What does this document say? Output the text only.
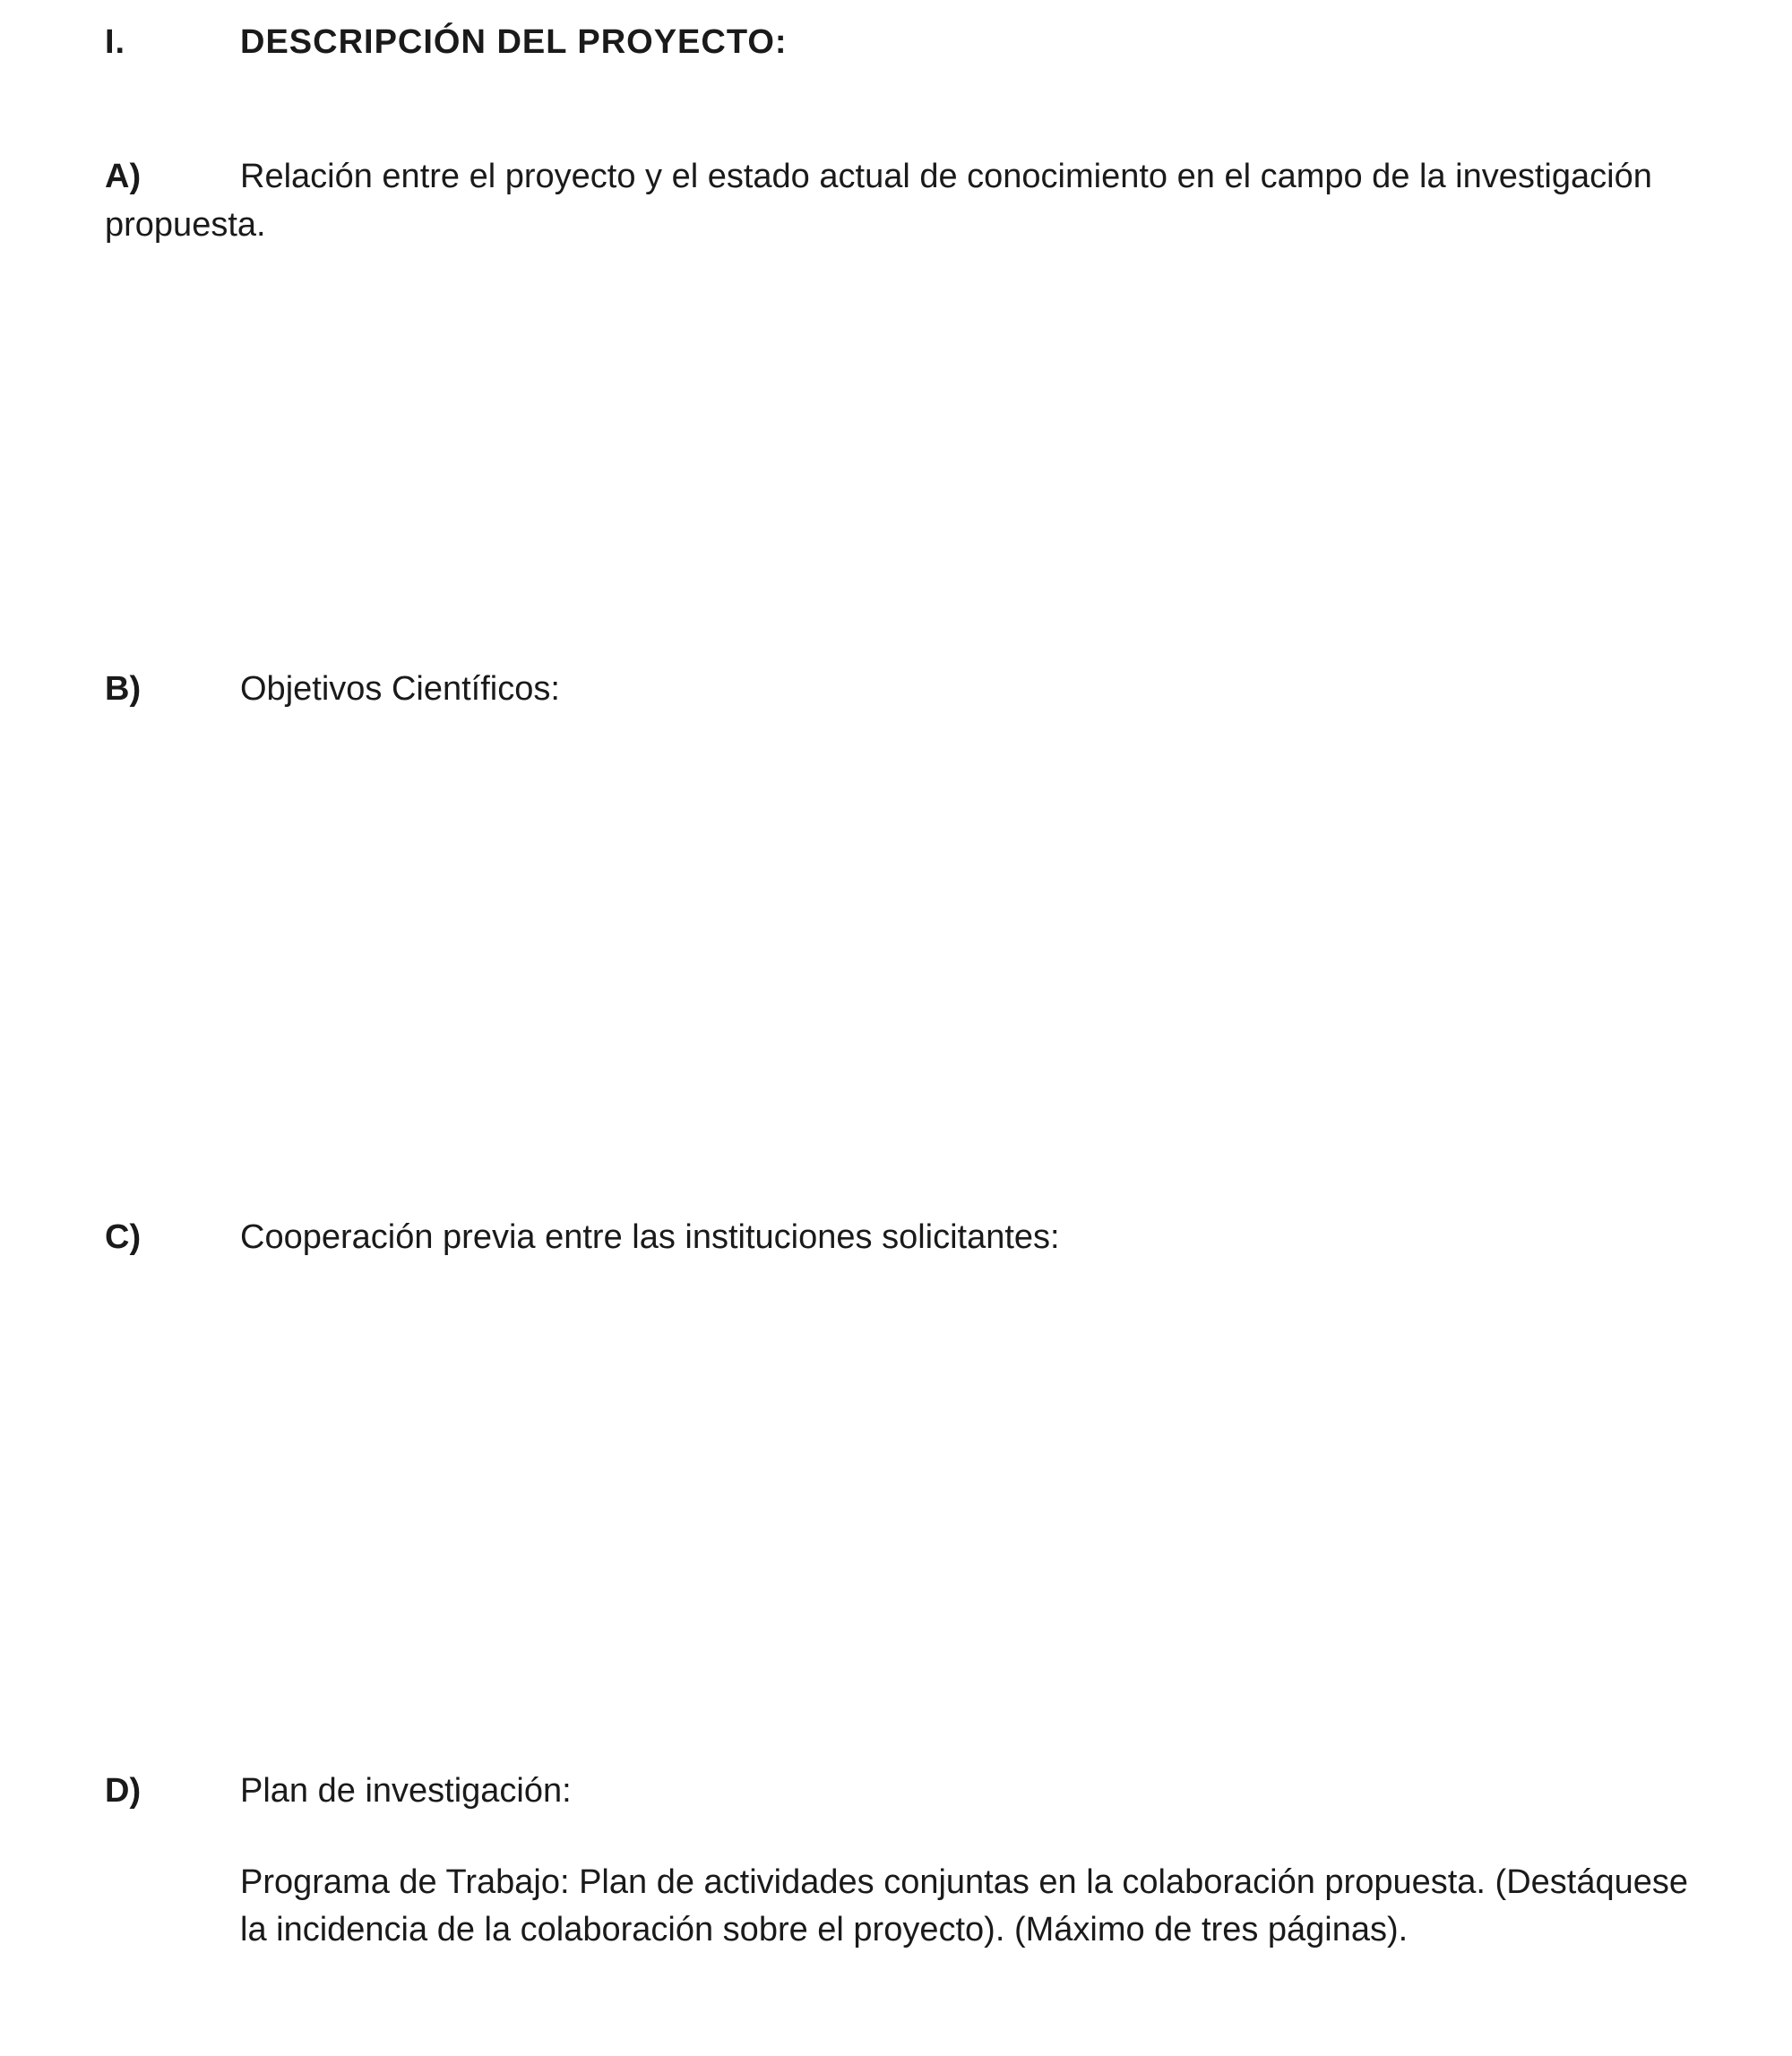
I.	DESCRIPCIÓN DEL PROYECTO:
A)	Relación entre el proyecto y el estado actual de conocimiento en el campo de la investigación
propuesta.
B)	Objetivos Científicos:
C)	Cooperación previa entre las instituciones solicitantes:
D)	Plan de investigación:
Programa de Trabajo: Plan de actividades conjuntas en la colaboración propuesta. (Destáquese
la incidencia de la colaboración sobre el proyecto). (Máximo de tres páginas).
